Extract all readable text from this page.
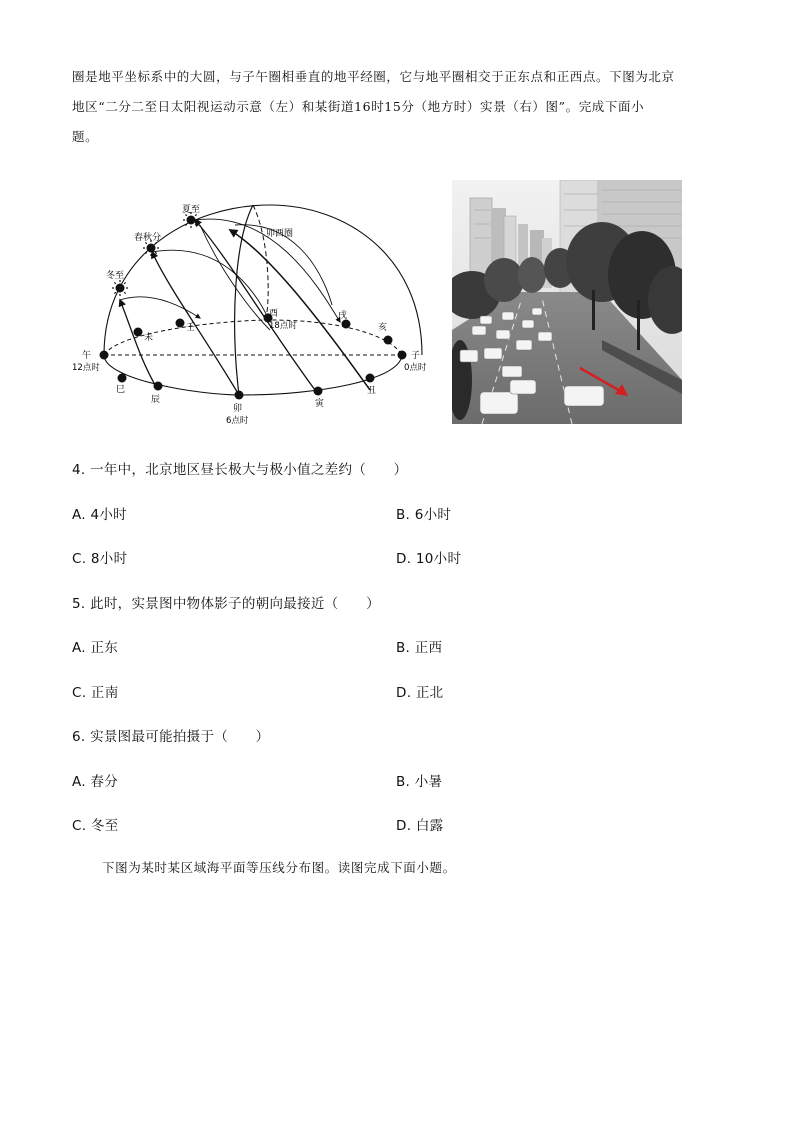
圈是地平坐标系中的大圆，与子午圈相垂直的地平经圈，它与地平圈相交于正东点和正西点。下图为北京

地区“二分二至日太阳视运动示意（左）和某街道16时15分（地方时）实景（右）图”。完成下面小

题。

夏至
春秋分
冬至
卯酉圈
午
12点时
子
0点时
巳
辰
卯
6点时
寅
丑
未
壬
酉
18点时
戌
亥
4. 一年中，北京地区昼长极大与极小值之差约（　　）
A. 4小时	B. 6小时
C. 8小时	D. 10小时
5. 此时，实景图中物体影子的朝向最接近（　　）
A. 正东	B. 正西
C. 正南	D. 正北
6. 实景图最可能拍摄于（　　）
A. 春分	B. 小暑
C. 冬至	D. 白露
下图为某时某区域海平面等压线分布图。读图完成下面小题。
